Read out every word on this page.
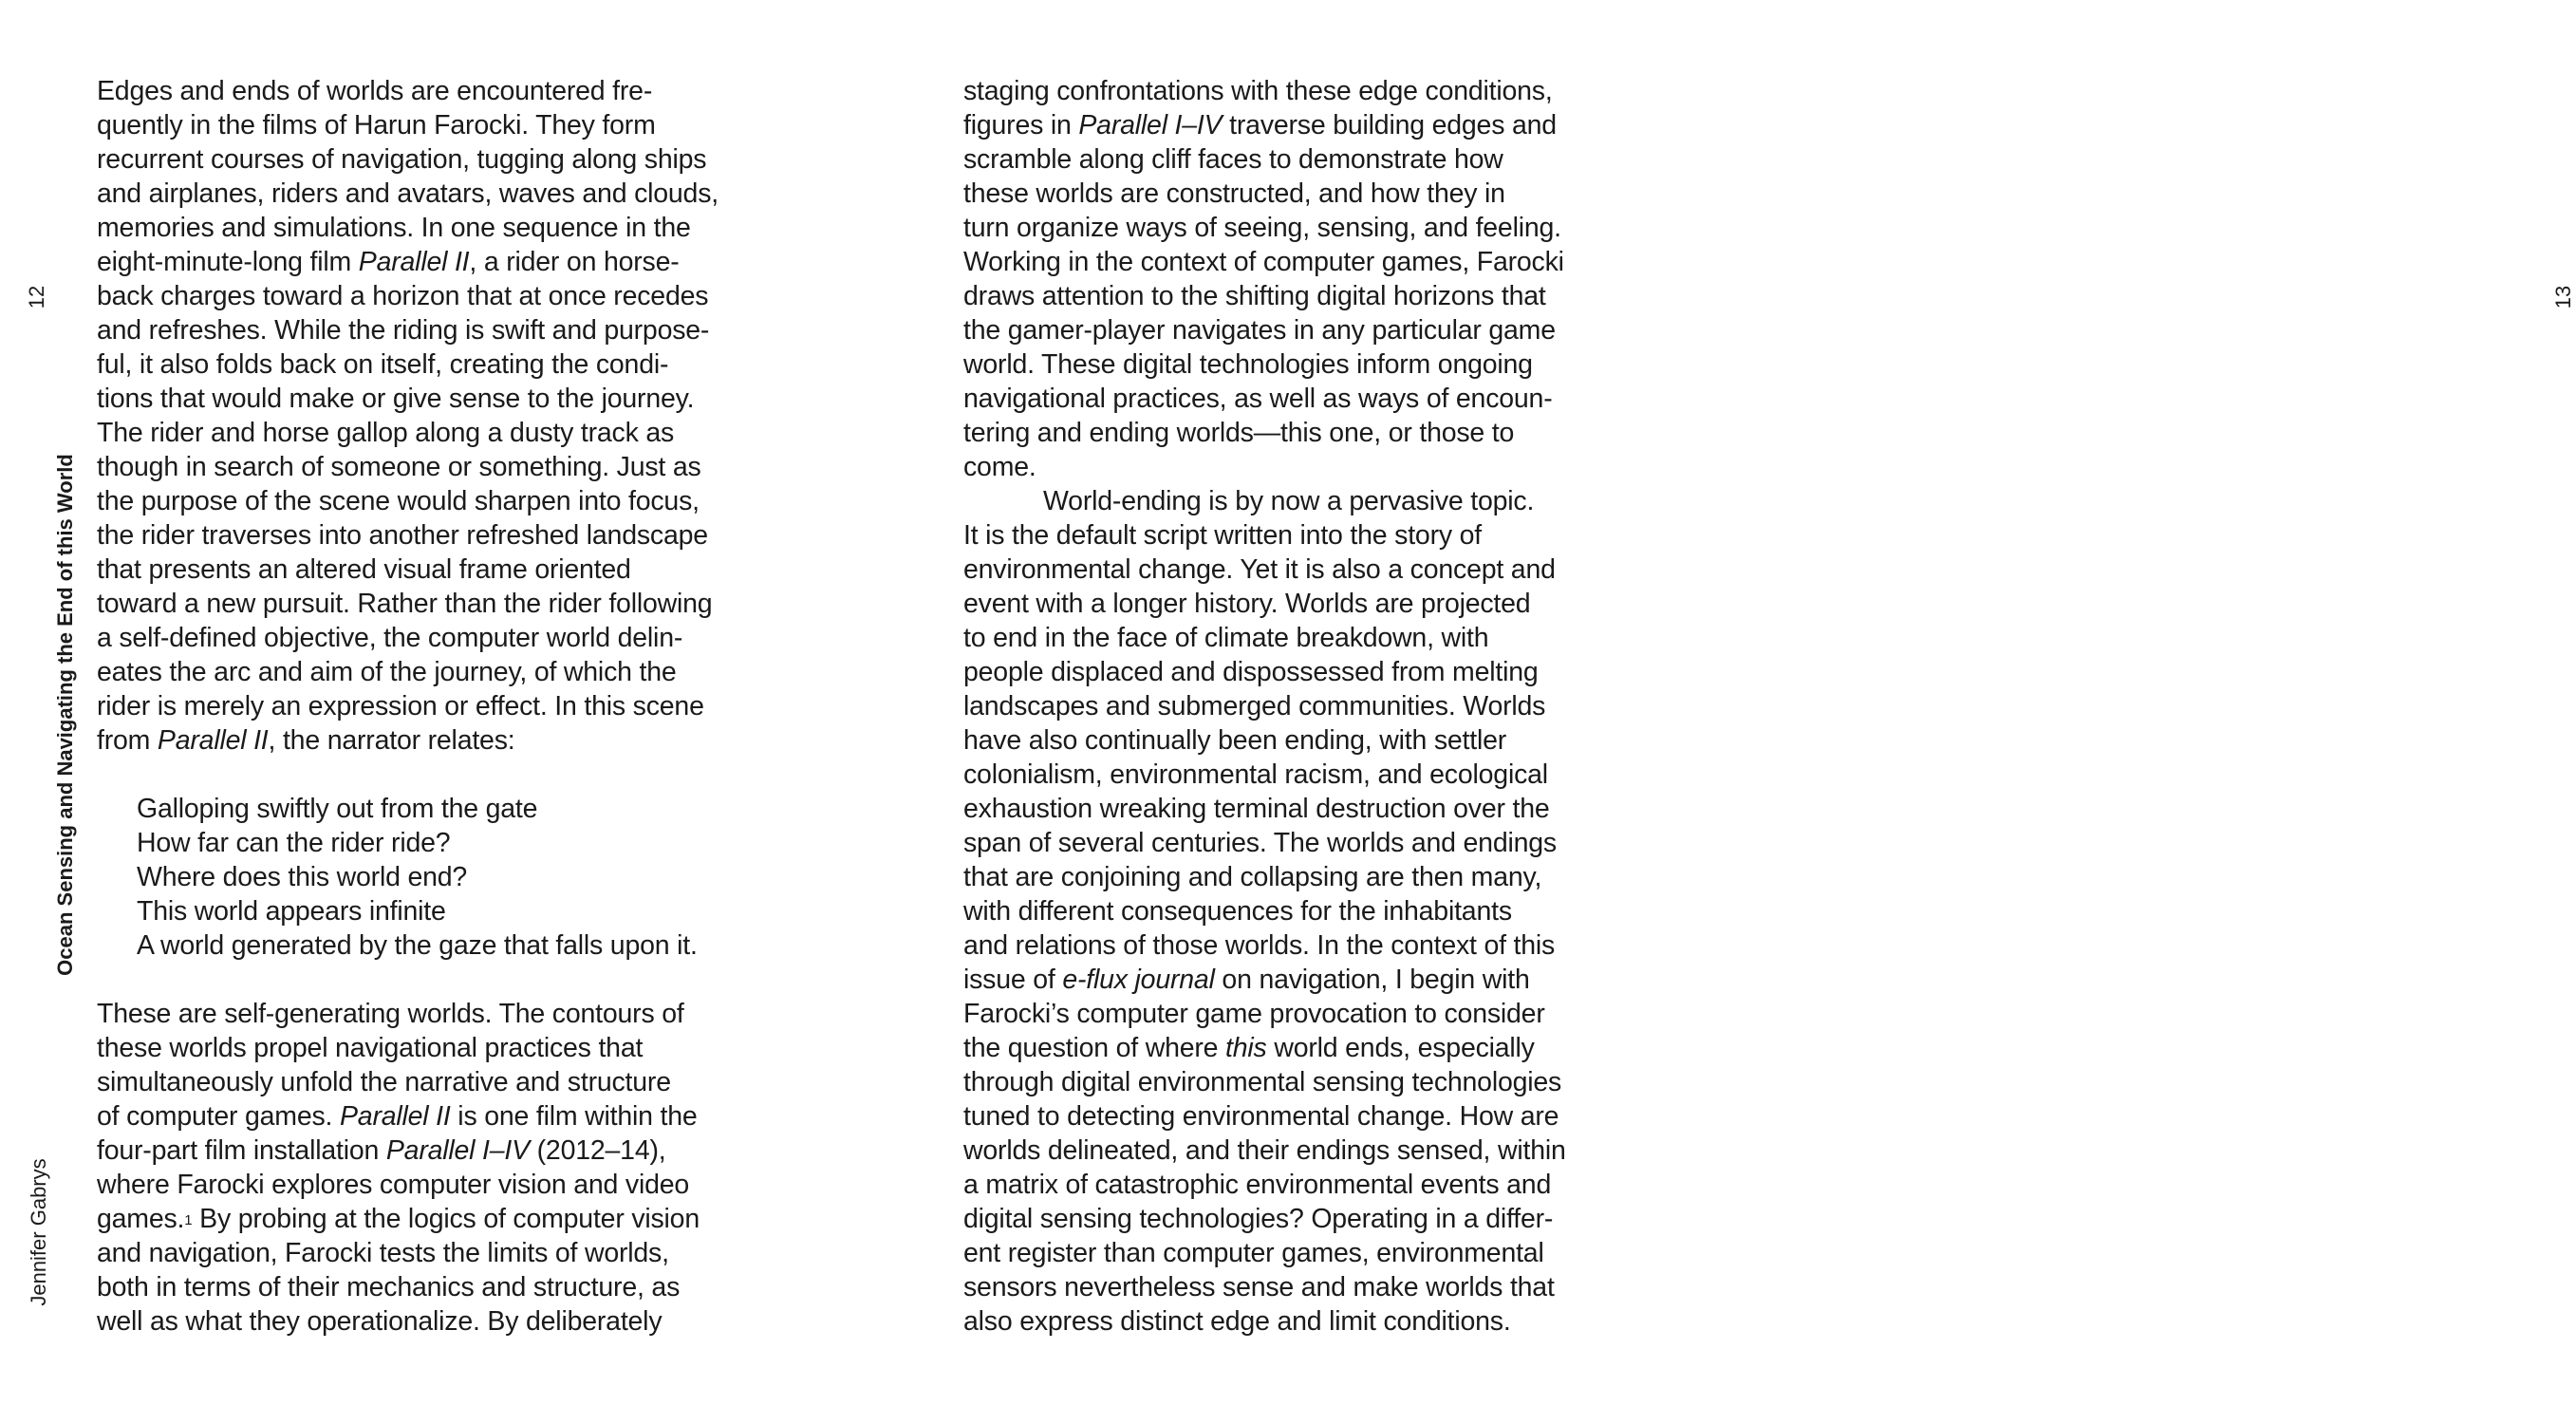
12
Ocean Sensing and Navigating the End of this World
Jennifer Gabrys
Edges and ends of worlds are encountered fre-
quently in the films of Harun Farocki. They form
recurrent courses of navigation, tugging along ships
and airplanes, riders and avatars, waves and clouds,
memories and simulations. In one sequence in the
eight-minute-long film Parallel II, a rider on horse-
back charges toward a horizon that at once recedes
and refreshes. While the riding is swift and purpose-
ful, it also folds back on itself, creating the condi-
tions that would make or give sense to the journey.
The rider and horse gallop along a dusty track as
though in search of someone or something. Just as
the purpose of the scene would sharpen into focus,
the rider traverses into another refreshed landscape
that presents an altered visual frame oriented
toward a new pursuit. Rather than the rider following
a self-defined objective, the computer world delin-
eates the arc and aim of the journey, of which the
rider is merely an expression or effect. In this scene
from Parallel II, the narrator relates:
Galloping swiftly out from the gate
How far can the rider ride?
Where does this world end?
This world appears infinite
A world generated by the gaze that falls upon it.
These are self-generating worlds. The contours of
these worlds propel navigational practices that
simultaneously unfold the narrative and structure
of computer games. Parallel II is one film within the
four-part film installation Parallel I–IV (2012–14),
where Farocki explores computer vision and video
games.$^1$ By probing at the logics of computer vision
and navigation, Farocki tests the limits of worlds,
both in terms of their mechanics and structure, as
well as what they operationalize. By deliberately
13
staging confrontations with these edge conditions,
figures in Parallel I–IV traverse building edges and
scramble along cliff faces to demonstrate how
these worlds are constructed, and how they in
turn organize ways of seeing, sensing, and feeling.
Working in the context of computer games, Farocki
draws attention to the shifting digital horizons that
the gamer-player navigates in any particular game
world. These digital technologies inform ongoing
navigational practices, as well as ways of encoun-
tering and ending worlds—this one, or those to
come.
World-ending is by now a pervasive topic.
It is the default script written into the story of
environmental change. Yet it is also a concept and
event with a longer history. Worlds are projected
to end in the face of climate breakdown, with
people displaced and dispossessed from melting
landscapes and submerged communities. Worlds
have also continually been ending, with settler
colonialism, environmental racism, and ecological
exhaustion wreaking terminal destruction over the
span of several centuries. The worlds and endings
that are conjoining and collapsing are then many,
with different consequences for the inhabitants
and relations of those worlds. In the context of this
issue of e-flux journal on navigation, I begin with
Farocki’s computer game provocation to consider
the question of where this world ends, especially
through digital environmental sensing technologies
tuned to detecting environmental change. How are
worlds delineated, and their endings sensed, within
a matrix of catastrophic environmental events and
digital sensing technologies? Operating in a differ-
ent register than computer games, environmental
sensors nevertheless sense and make worlds that
also express distinct edge and limit conditions.
